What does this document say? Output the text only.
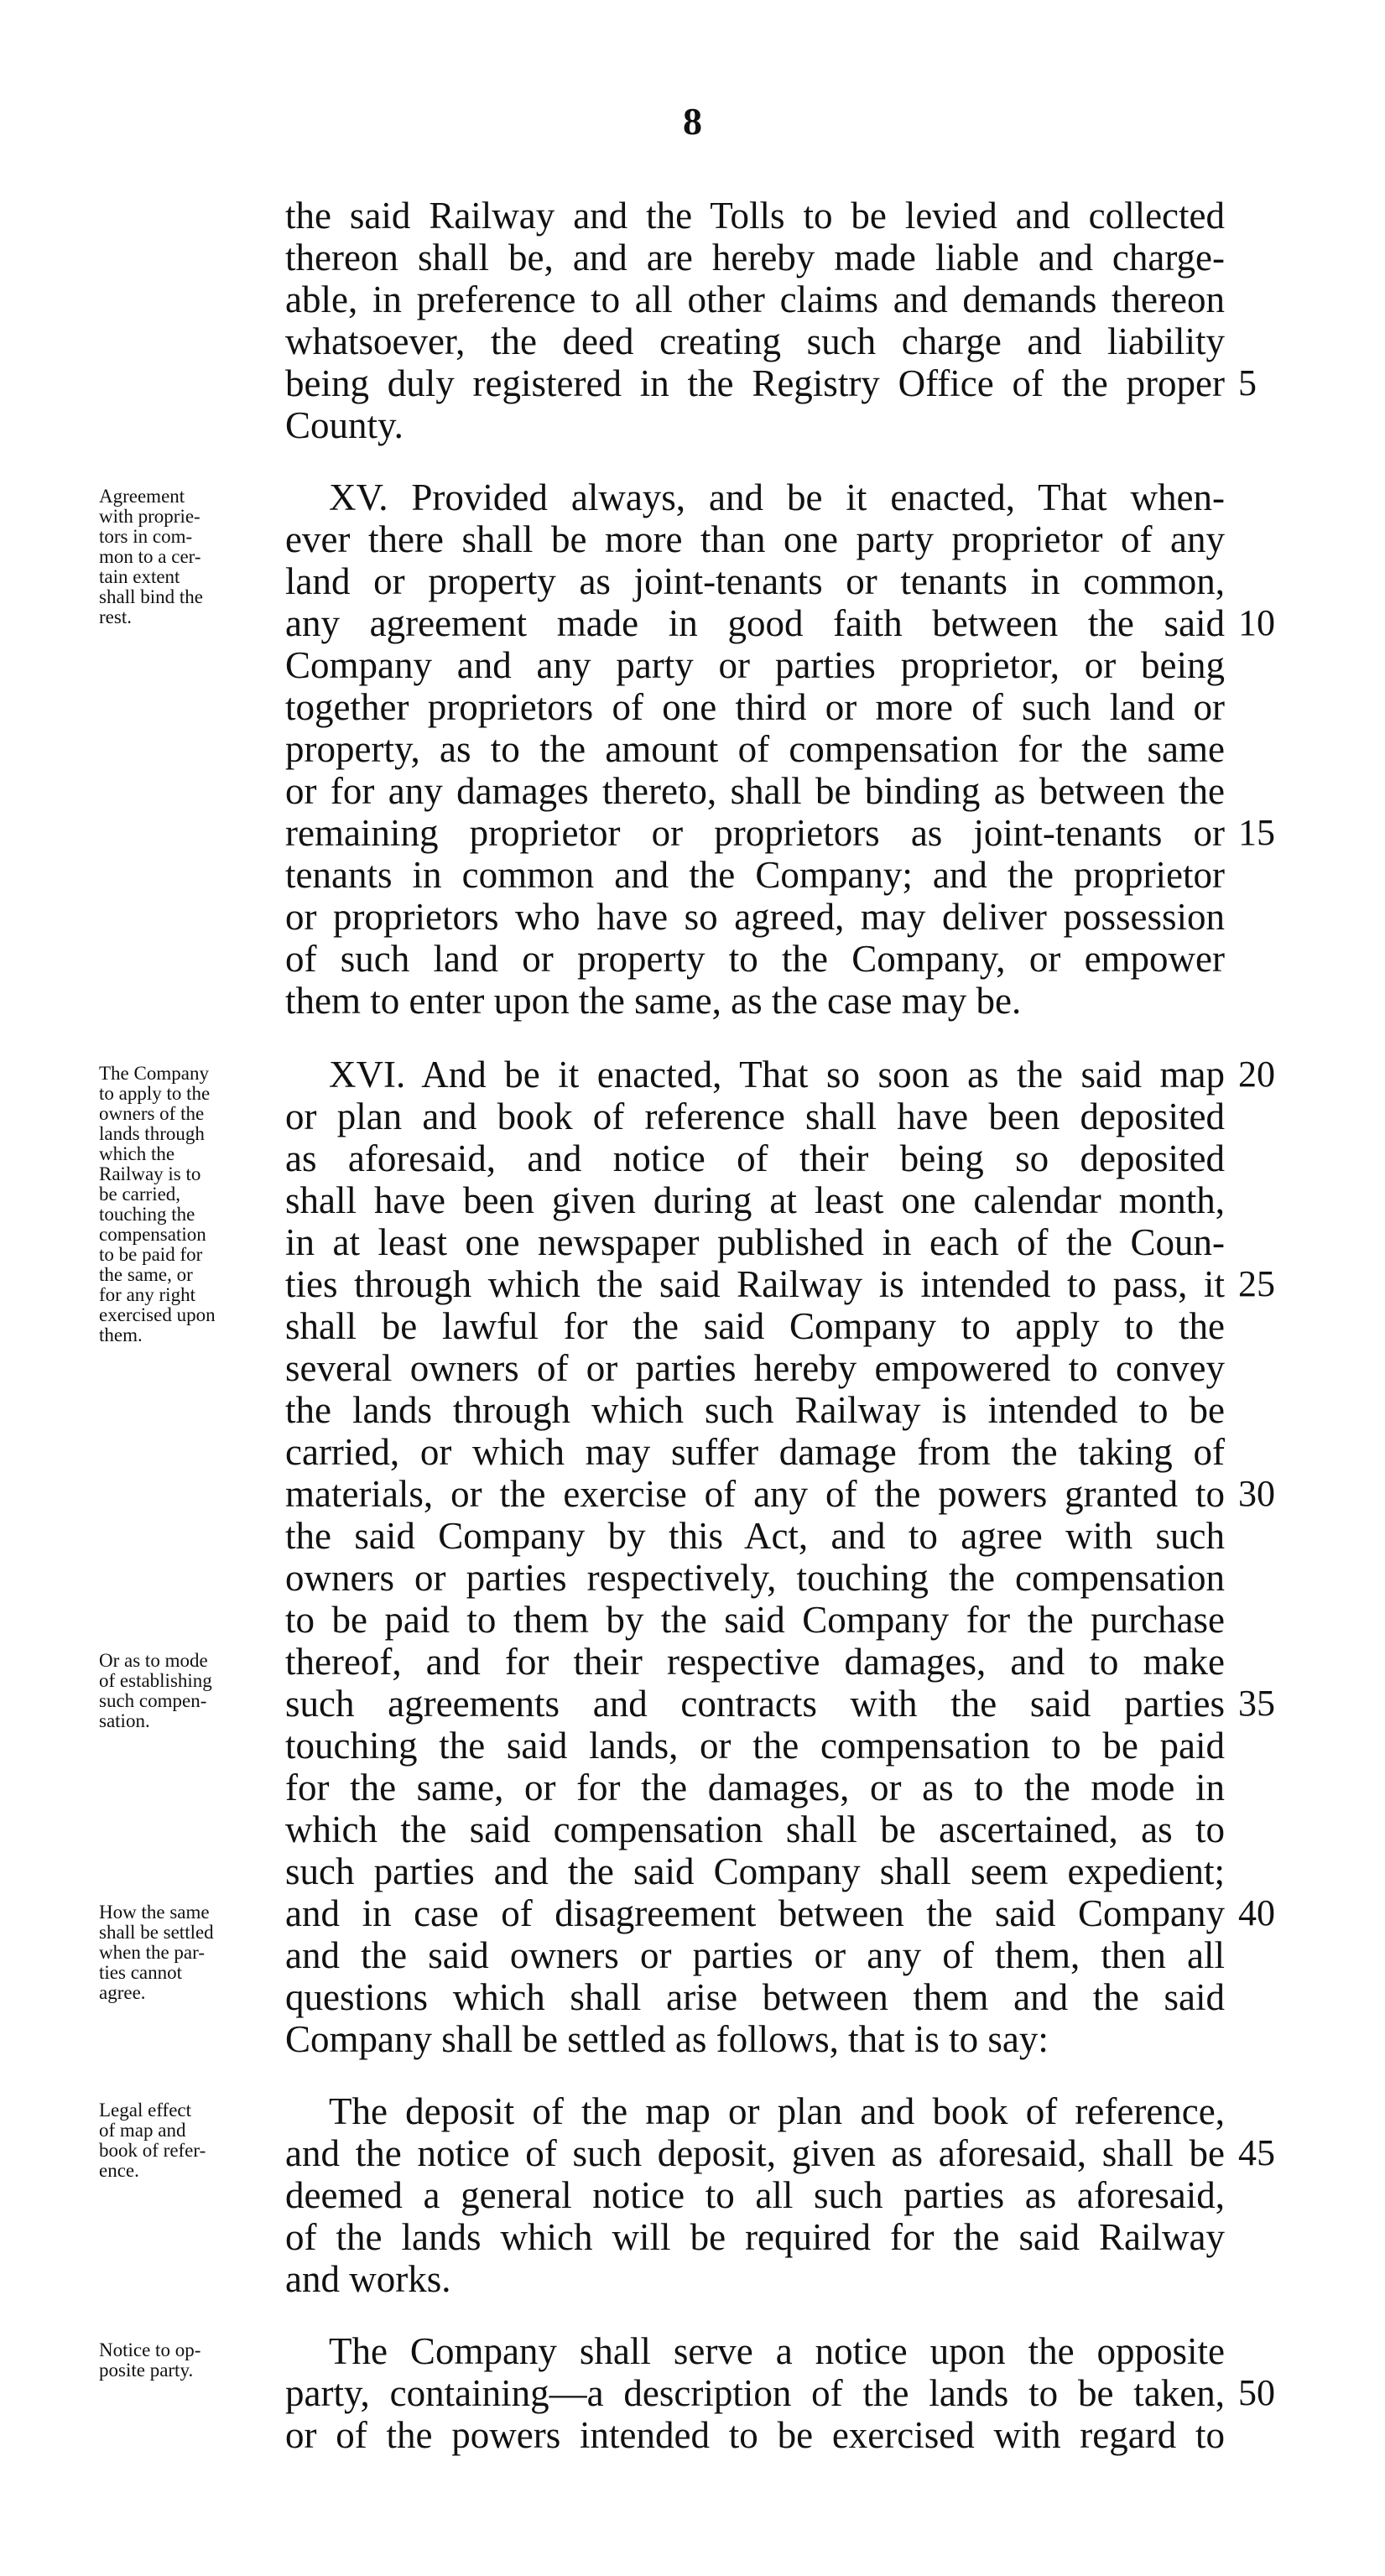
8
the said Railway and the Tolls to be levied and collected
thereon shall be, and are hereby made liable and charge-
able, in preference to all other claims and demands thereon
whatsoever, the deed creating such charge and liability
being duly registered in the Registry Office of the proper
County.
XV. Provided always, and be it enacted, That when-
ever there shall be more than one party proprietor of any
land or property as joint-tenants or tenants in common,
any agreement made in good faith between the said
Company and any party or parties proprietor, or being
together proprietors of one third or more of such land or
property, as to the amount of compensation for the same
or for any damages thereto, shall be binding as between the
remaining proprietor or proprietors as joint-tenants or
tenants in common and the Company; and the proprietor
or proprietors who have so agreed, may deliver possession
of such land or property to the Company, or empower
them to enter upon the same, as the case may be.
XVI. And be it enacted, That so soon as the said map
or plan and book of reference shall have been deposited
as aforesaid, and notice of their being so deposited
shall have been given during at least one calendar month,
in at least one newspaper published in each of the Coun-
ties through which the said Railway is intended to pass, it
shall be lawful for the said Company to apply to the
several owners of or parties hereby empowered to convey
the lands through which such Railway is intended to be
carried, or which may suffer damage from the taking of
materials, or the exercise of any of the powers granted to
the said Company by this Act, and to agree with such
owners or parties respectively, touching the compensation
to be paid to them by the said Company for the purchase
thereof, and for their respective damages, and to make
such agreements and contracts with the said parties
touching the said lands, or the compensation to be paid
for the same, or for the damages, or as to the mode in
which the said compensation shall be ascertained, as to
such parties and the said Company shall seem expedient;
and in case of disagreement between the said Company
and the said owners or parties or any of them, then all
questions which shall arise between them and the said
Company shall be settled as follows, that is to say:
The deposit of the map or plan and book of reference,
and the notice of such deposit, given as aforesaid, shall be
deemed a general notice to all such parties as aforesaid,
of the lands which will be required for the said Railway
and works.
The Company shall serve a notice upon the opposite
party, containing—a description of the lands to be taken,
or of the powers intended to be exercised with regard to
5
10
15
20
25
30
35
40
45
50
Agreement
with proprie-
tors in com-
mon to a cer-
tain extent
shall bind the
rest.
The Company
to apply to the
owners of the
lands through
which the
Railway is to
be carried,
touching the
compensation
to be paid for
the same, or
for any right
exercised upon
them.
Or as to mode
of establishing
such compen-
sation.
How the same
shall be settled
when the par-
ties cannot
agree.
Legal effect
of map and
book of refer-
ence.
Notice to op-
posite party.
